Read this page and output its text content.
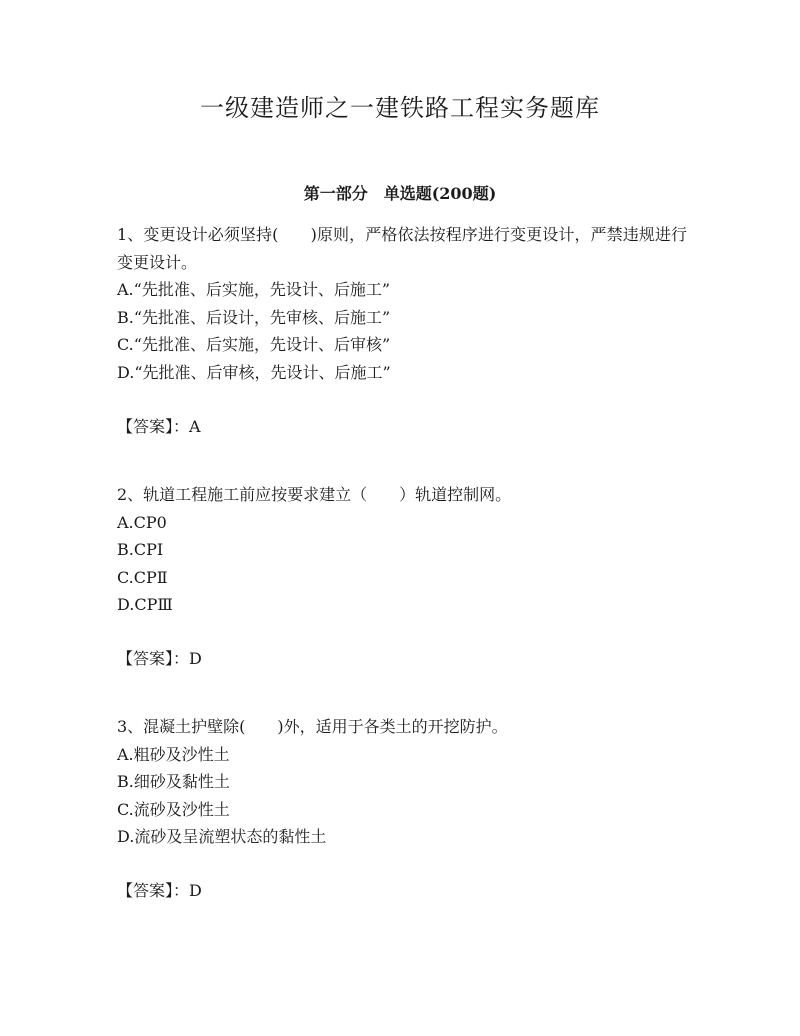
一级建造师之一建铁路工程实务题库
第一部分　单选题(200题)

1、变更设计必须坚持(　　)原则，严格依法按程序进行变更设计，严禁违规进行变更设计。

A.“先批准、后实施，先设计、后施工”

B.“先批准、后设计，先审核、后施工”

C.“先批准、后实施，先设计、后审核”

D.“先批准、后审核，先设计、后施工”

【答案】：A

2、轨道工程施工前应按要求建立（　　）轨道控制网。

A.CP0

B.CPⅠ

C.CPⅡ

D.CPⅢ

【答案】：D

3、混凝土护壁除(　　)外，适用于各类土的开挖防护。

A.粗砂及沙性土

B.细砂及黏性土

C.流砂及沙性土

D.流砂及呈流塑状态的黏性土

【答案】：D
